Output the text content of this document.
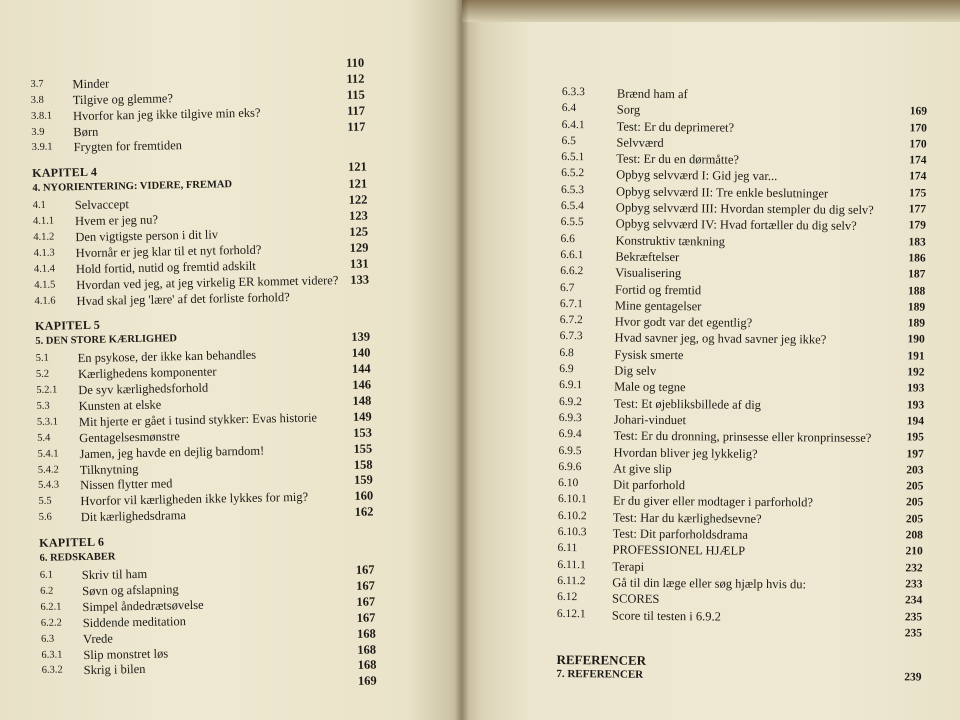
110
3.7 Minder	112
3.8 Tilgive og glemme?	115
3.8.1 Hvorfor kan jeg ikke tilgive min eks?	117
3.9 Børn	117
3.9.1 Frygten for fremtiden
KAPITEL 4	121
4. NYORIENTERING: VIDERE, FREMAD	121
4.1 Selvaccept	122
4.1.1 Hvem er jeg nu?	123
4.1.2 Den vigtigste person i dit liv	125
4.1.3 Hvornår er jeg klar til et nyt forhold?	129
4.1.4 Hold fortid, nutid og fremtid adskilt	131
4.1.5 Hvordan ved jeg, at jeg virkelig ER kommet videre? 133
4.1.6 Hvad skal jeg 'lære' af det forliste forhold?
KAPITEL 5
5. DEN STORE KÆRLIGHED	139
5.1 En psykose, der ikke kan behandles	140
5.2 Kærlighedens komponenter	144
5.2.1 De syv kærlighedsforhold	146
5.3 Kunsten at elske	148
5.3.1 Mit hjerte er gået i tusind stykker: Evas historie	149
5.4 Gentagelsesmønstre	153
5.4.1 Jamen, jeg havde en dejlig barndom!	155
5.4.2 Tilknytning	158
5.4.3 Nissen flytter med	159
5.5 Hvorfor vil kærligheden ikke lykkes for mig?	160
5.6 Dit kærlighedsdrama	162
KAPITEL 6
6. REDSKABER
6.1 Skriv til ham	167
6.2 Søvn og afslapning	167
6.2.1 Simpel åndedrætsøvelse	167
6.2.2 Siddende meditation	167
6.3 Vrede	168
6.3.1 Slip monstret løs	168
6.3.2 Skrig i bilen	168
169
6.3.3	Brænd ham af
6.4	Sorg	169
6.4.1	Test: Er du deprimeret?	170
6.5	Selvværd	170
6.5.1	Test: Er du en dørmåtte?	174
6.5.2	Opbyg selvværd I: Gid jeg var...	174
6.5.3	Opbyg selvværd II: Tre enkle beslutninger	175
6.5.4	Opbyg selvværd III: Hvordan stempler du dig selv?	177
6.5.5	Opbyg selvværd IV: Hvad fortæller du dig selv?	179
6.6	Konstruktiv tænkning	183
6.6.1	Bekræftelser	186
6.6.2	Visualisering	187
6.7	Fortid og fremtid	188
6.7.1	Mine gentagelser	189
6.7.2	Hvor godt var det egentlig?	189
6.7.3	Hvad savner jeg, og hvad savner jeg ikke?	190
6.8	Fysisk smerte	191
6.9	Dig selv	192
6.9.1	Male og tegne	193
6.9.2	Test: Et øjebliksbillede af dig	193
6.9.3	Johari-vinduet	194
6.9.4	Test: Er du dronning, prinsesse eller kronprinsesse?	195
6.9.5	Hvordan bliver jeg lykkelig?	197
6.9.6	At give slip	203
6.10	Dit parforhold	205
6.10.1 Er du giver eller modtager i parforhold?	205
6.10.2 Test: Har du kærlighedsevne?	205
6.10.3 Test: Dit parforholdsdrama	208
6.11	PROFESSIONEL HJÆLP	210
6.11.1 Terapi	232
6.11.2 Gå til din læge eller søg hjælp hvis du:	233
6.12	SCORES	234
6.12.1 Score til testen i 6.9.2	235
235
REFERENCER
7. REFERENCER	239
